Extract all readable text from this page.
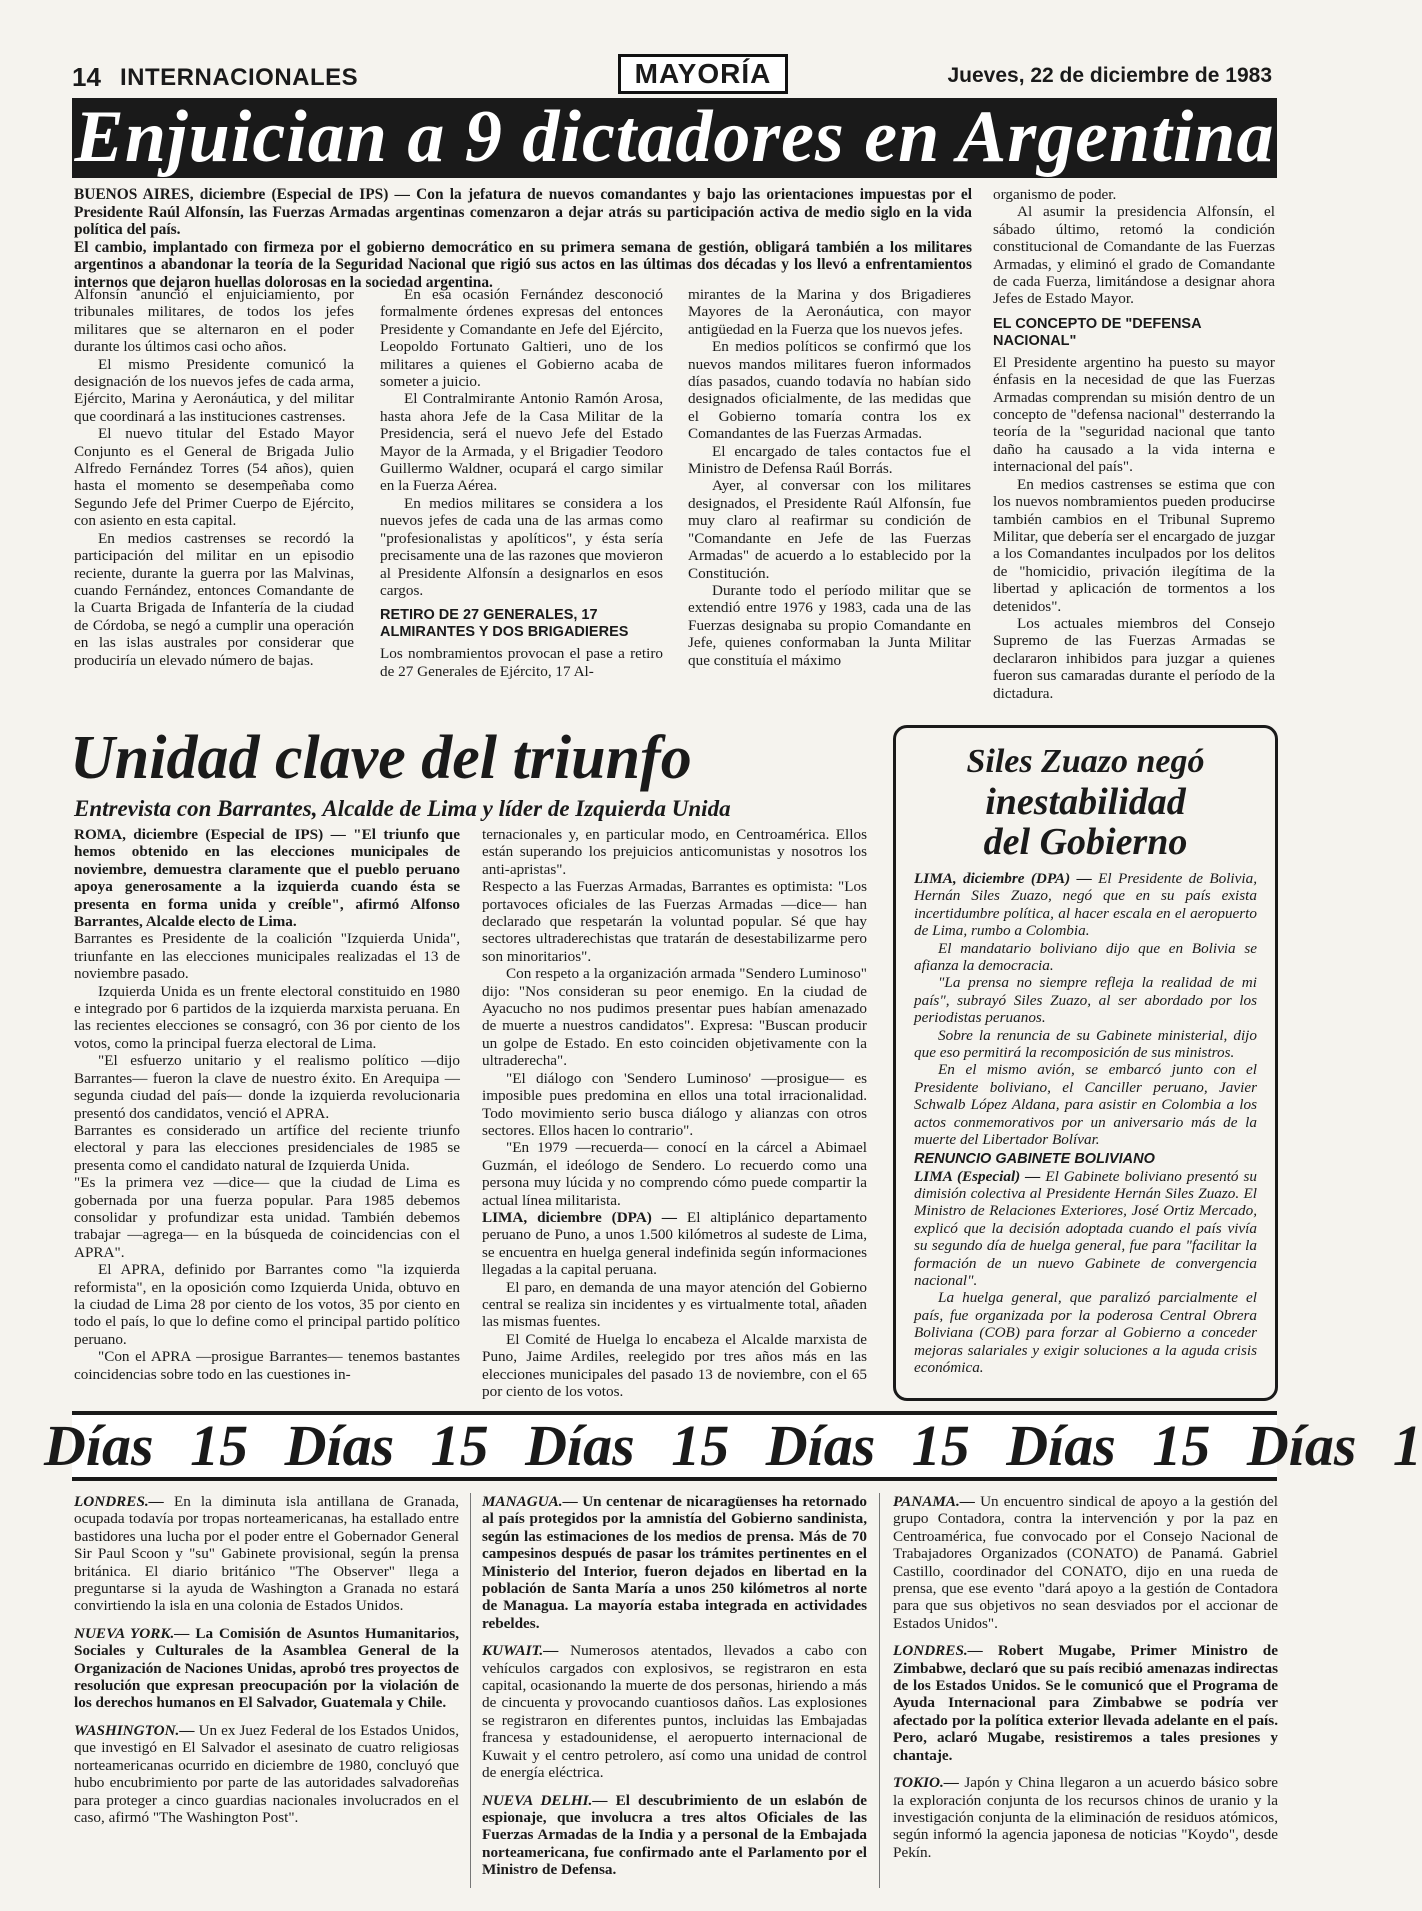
14 INTERNACIONALES	MAYORÍA	Jueves, 22 de diciembre de 1983
Enjuician a 9 dictadores en Argentina

BUENOS AIRES, diciembre (Especial de IPS) — Con la jefatura de nuevos comandantes y bajo las orientaciones impuestas por el Presidente Raúl Alfonsín, las Fuerzas Armadas argentinas comenzaron a dejar atrás su participación activa de medio siglo en la vida política del país.

El cambio, implantado con firmeza por el gobierno democrático en su primera semana de gestión, obligará también a los militares argentinos a abandonar la teoría de la Seguridad Nacional que rigió sus actos en las últimas dos décadas y los llevó a enfrentamientos internos que dejaron huellas dolorosas en la sociedad argentina.

Alfonsín anunció el enjuiciamiento, por tribunales militares, de todos los jefes militares que se alternaron en el poder durante los últimos casi ocho años.

El mismo Presidente comunicó la designación de los nuevos jefes de cada arma, Ejército, Marina y Aeronáutica, y del militar que coordinará a las instituciones castrenses.

El nuevo titular del Estado Mayor Conjunto es el General de Brigada Julio Alfredo Fernández Torres (54 años), quien hasta el momento se desempeñaba como Segundo Jefe del Primer Cuerpo de Ejército, con asiento en esta capital.

En medios castrenses se recordó la participación del militar en un episodio reciente, durante la guerra por las Malvinas, cuando Fernández, entonces Comandante de la Cuarta Brigada de Infantería de la ciudad de Córdoba, se negó a cumplir una operación en las islas australes por considerar que produciría un elevado número de bajas.

En esa ocasión Fernández desconoció formalmente órdenes expresas del entonces Presidente y Comandante en Jefe del Ejército, Leopoldo Fortunato Galtieri, uno de los militares a quienes el Gobierno acaba de someter a juicio.

El Contralmirante Antonio Ramón Arosa, hasta ahora Jefe de la Casa Militar de la Presidencia, será el nuevo Jefe del Estado Mayor de la Armada, y el Brigadier Teodoro Guillermo Waldner, ocupará el cargo similar en la Fuerza Aérea.

En medios militares se considera a los nuevos jefes de cada una de las armas como "profesionalistas y apolíticos", y ésta sería precisamente una de las razones que movieron al Presidente Alfonsín a designarlos en esos cargos.

RETIRO DE 27 GENERALES, 17 ALMIRANTES Y DOS BRIGADIERES

Los nombramientos provocan el pase a retiro de 27 Generales de Ejército, 17 Al-

mirantes de la Marina y dos Brigadieres Mayores de la Aeronáutica, con mayor antigüedad en la Fuerza que los nuevos jefes.

En medios políticos se confirmó que los nuevos mandos militares fueron informados días pasados, cuando todavía no habían sido designados oficialmente, de las medidas que el Gobierno tomaría contra los ex Comandantes de las Fuerzas Armadas.

El encargado de tales contactos fue el Ministro de Defensa Raúl Borrás.

Ayer, al conversar con los militares designados, el Presidente Raúl Alfonsín, fue muy claro al reafirmar su condición de "Comandante en Jefe de las Fuerzas Armadas" de acuerdo a lo establecido por la Constitución.

Durante todo el período militar que se extendió entre 1976 y 1983, cada una de las Fuerzas designaba su propio Comandante en Jefe, quienes conformaban la Junta Militar que constituía el máximo

organismo de poder.

Al asumir la presidencia Alfonsín, el sábado último, retomó la condición constitucional de Comandante de las Fuerzas Armadas, y eliminó el grado de Comandante de cada Fuerza, limitándose a designar ahora Jefes de Estado Mayor.

EL CONCEPTO DE "DEFENSA NACIONAL"

El Presidente argentino ha puesto su mayor énfasis en la necesidad de que las Fuerzas Armadas comprendan su misión dentro de un concepto de "defensa nacional" desterrando la teoría de la "seguridad nacional que tanto daño ha causado a la vida interna e internacional del país".

En medios castrenses se estima que con los nuevos nombramientos pueden producirse también cambios en el Tribunal Supremo Militar, que debería ser el encargado de juzgar a los Comandantes inculpados por los delitos de "homicidio, privación ilegítima de la libertad y aplicación de tormentos a los detenidos".

Los actuales miembros del Consejo Supremo de las Fuerzas Armadas se declararon inhibidos para juzgar a quienes fueron sus camaradas durante el período de la dictadura.

Unidad clave del triunfo
Entrevista con Barrantes, Alcalde de Lima y líder de Izquierda Unida

ROMA, diciembre (Especial de IPS) — "El triunfo que hemos obtenido en las elecciones municipales de noviembre, demuestra claramente que el pueblo peruano apoya generosamente a la izquierda cuando ésta se presenta en forma unida y creíble", afirmó Alfonso Barrantes, Alcalde electo de Lima.

Barrantes es Presidente de la coalición "Izquierda Unida", triunfante en las elecciones municipales realizadas el 13 de noviembre pasado.

Izquierda Unida es un frente electoral constituido en 1980 e integrado por 6 partidos de la izquierda marxista peruana. En las recientes elecciones se consagró, con 36 por ciento de los votos, como la principal fuerza electoral de Lima.

"El esfuerzo unitario y el realismo político —dijo Barrantes— fueron la clave de nuestro éxito. En Arequipa —segunda ciudad del país— donde la izquierda revolucionaria presentó dos candidatos, venció el APRA.

Barrantes es considerado un artífice del reciente triunfo electoral y para las elecciones presidenciales de 1985 se presenta como el candidato natural de Izquierda Unida.

"Es la primera vez —dice— que la ciudad de Lima es gobernada por una fuerza popular. Para 1985 debemos consolidar y profundizar esta unidad. También debemos trabajar —agrega— en la búsqueda de coincidencias con el APRA".

El APRA, definido por Barrantes como "la izquierda reformista", en la oposición como Izquierda Unida, obtuvo en la ciudad de Lima 28 por ciento de los votos, 35 por ciento en todo el país, lo que lo define como el principal partido político peruano.

"Con el APRA —prosigue Barrantes— tenemos bastantes coincidencias sobre todo en las cuestiones in-

ternacionales y, en particular modo, en Centroamérica. Ellos están superando los prejuicios anticomunistas y nosotros los anti-apristas".

Respecto a las Fuerzas Armadas, Barrantes es optimista: "Los portavoces oficiales de las Fuerzas Armadas —dice— han declarado que respetarán la voluntad popular. Sé que hay sectores ultraderechistas que tratarán de desestabilizarme pero son minoritarios".

Con respeto a la organización armada "Sendero Luminoso" dijo: "Nos consideran su peor enemigo. En la ciudad de Ayacucho no nos pudimos presentar pues habían amenazado de muerte a nuestros candidatos". Expresa: "Buscan producir un golpe de Estado. En esto coinciden objetivamente con la ultraderecha".

"El diálogo con 'Sendero Luminoso' —prosigue— es imposible pues predomina en ellos una total irracionalidad. Todo movimiento serio busca diálogo y alianzas con otros sectores. Ellos hacen lo contrario".

"En 1979 —recuerda— conocí en la cárcel a Abimael Guzmán, el ideólogo de Sendero. Lo recuerdo como una persona muy lúcida y no comprendo cómo puede compartir la actual línea militarista.

LIMA, diciembre (DPA) — El altiplánico departamento peruano de Puno, a unos 1.500 kilómetros al sudeste de Lima, se encuentra en huelga general indefinida según informaciones llegadas a la capital peruana.

El paro, en demanda de una mayor atención del Gobierno central se realiza sin incidentes y es virtualmente total, añaden las mismas fuentes.

El Comité de Huelga lo encabeza el Alcalde marxista de Puno, Jaime Ardiles, reelegido por tres años más en las elecciones municipales del pasado 13 de noviembre, con el 65 por ciento de los votos.

Siles Zuazo negó
inestabilidad
del Gobierno

LIMA, diciembre (DPA) — El Presidente de Bolivia, Hernán Siles Zuazo, negó que en su país exista incertidumbre política, al hacer escala en el aeropuerto de Lima, rumbo a Colombia.

El mandatario boliviano dijo que en Bolivia se afianza la democracia.

"La prensa no siempre refleja la realidad de mi país", subrayó Siles Zuazo, al ser abordado por los periodistas peruanos.

Sobre la renuncia de su Gabinete ministerial, dijo que eso permitirá la recomposición de sus ministros.

En el mismo avión, se embarcó junto con el Presidente boliviano, el Canciller peruano, Javier Schwalb López Aldana, para asistir en Colombia a los actos conmemorativos por un aniversario más de la muerte del Libertador Bolívar.

RENUNCIO GABINETE BOLIVIANO

LIMA (Especial) — El Gabinete boliviano presentó su dimisión colectiva al Presidente Hernán Siles Zuazo. El Ministro de Relaciones Exteriores, José Ortiz Mercado, explicó que la decisión adoptada cuando el país vivía su segundo día de huelga general, fue para "facilitar la formación de un nuevo Gabinete de convergencia nacional".

La huelga general, que paralizó parcialmente el país, fue organizada por la poderosa Central Obrera Boliviana (COB) para forzar al Gobierno a conceder mejoras salariales y exigir soluciones a la aguda crisis económica.

Días 15 Días 15 Días 15 Días 15 Días 15 Días 1

LONDRES.— En la diminuta isla antillana de Granada, ocupada todavía por tropas norteamericanas, ha estallado entre bastidores una lucha por el poder entre el Gobernador General Sir Paul Scoon y "su" Gabinete provisional, según la prensa británica. El diario británico "The Observer" llega a preguntarse si la ayuda de Washington a Granada no estará convirtiendo la isla en una colonia de Estados Unidos.

NUEVA YORK.— La Comisión de Asuntos Humanitarios, Sociales y Culturales de la Asamblea General de la Organización de Naciones Unidas, aprobó tres proyectos de resolución que expresan preocupación por la violación de los derechos humanos en El Salvador, Guatemala y Chile.

WASHINGTON.— Un ex Juez Federal de los Estados Unidos, que investigó en El Salvador el asesinato de cuatro religiosas norteamericanas ocurrido en diciembre de 1980, concluyó que hubo encubrimiento por parte de las autoridades salvadoreñas para proteger a cinco guardias nacionales involucrados en el caso, afirmó "The Washington Post".

MANAGUA.— Un centenar de nicaragüenses ha retornado al país protegidos por la amnistía del Gobierno sandinista, según las estimaciones de los medios de prensa. Más de 70 campesinos después de pasar los trámites pertinentes en el Ministerio del Interior, fueron dejados en libertad en la población de Santa María a unos 250 kilómetros al norte de Managua. La mayoría estaba integrada en actividades rebeldes.

KUWAIT.— Numerosos atentados, llevados a cabo con vehículos cargados con explosivos, se registraron en esta capital, ocasionando la muerte de dos personas, hiriendo a más de cincuenta y provocando cuantiosos daños. Las explosiones se registraron en diferentes puntos, incluidas las Embajadas francesa y estadounidense, el aeropuerto internacional de Kuwait y el centro petrolero, así como una unidad de control de energía eléctrica.

NUEVA DELHI.— El descubrimiento de un eslabón de espionaje, que involucra a tres altos Oficiales de las Fuerzas Armadas de la India y a personal de la Embajada norteamericana, fue confirmado ante el Parlamento por el Ministro de Defensa.

PANAMA.— Un encuentro sindical de apoyo a la gestión del grupo Contadora, contra la intervención y por la paz en Centroamérica, fue convocado por el Consejo Nacional de Trabajadores Organizados (CONATO) de Panamá. Gabriel Castillo, coordinador del CONATO, dijo en una rueda de prensa, que ese evento "dará apoyo a la gestión de Contadora para que sus objetivos no sean desviados por el accionar de Estados Unidos".

LONDRES.— Robert Mugabe, Primer Ministro de Zimbabwe, declaró que su país recibió amenazas indirectas de los Estados Unidos. Se le comunicó que el Programa de Ayuda Internacional para Zimbabwe se podría ver afectado por la política exterior llevada adelante en el país. Pero, aclaró Mugabe, resistiremos a tales presiones y chantaje.

TOKIO.— Japón y China llegaron a un acuerdo básico sobre la exploración conjunta de los recursos chinos de uranio y la investigación conjunta de la eliminación de residuos atómicos, según informó la agencia japonesa de noticias "Koydo", desde Pekín.
